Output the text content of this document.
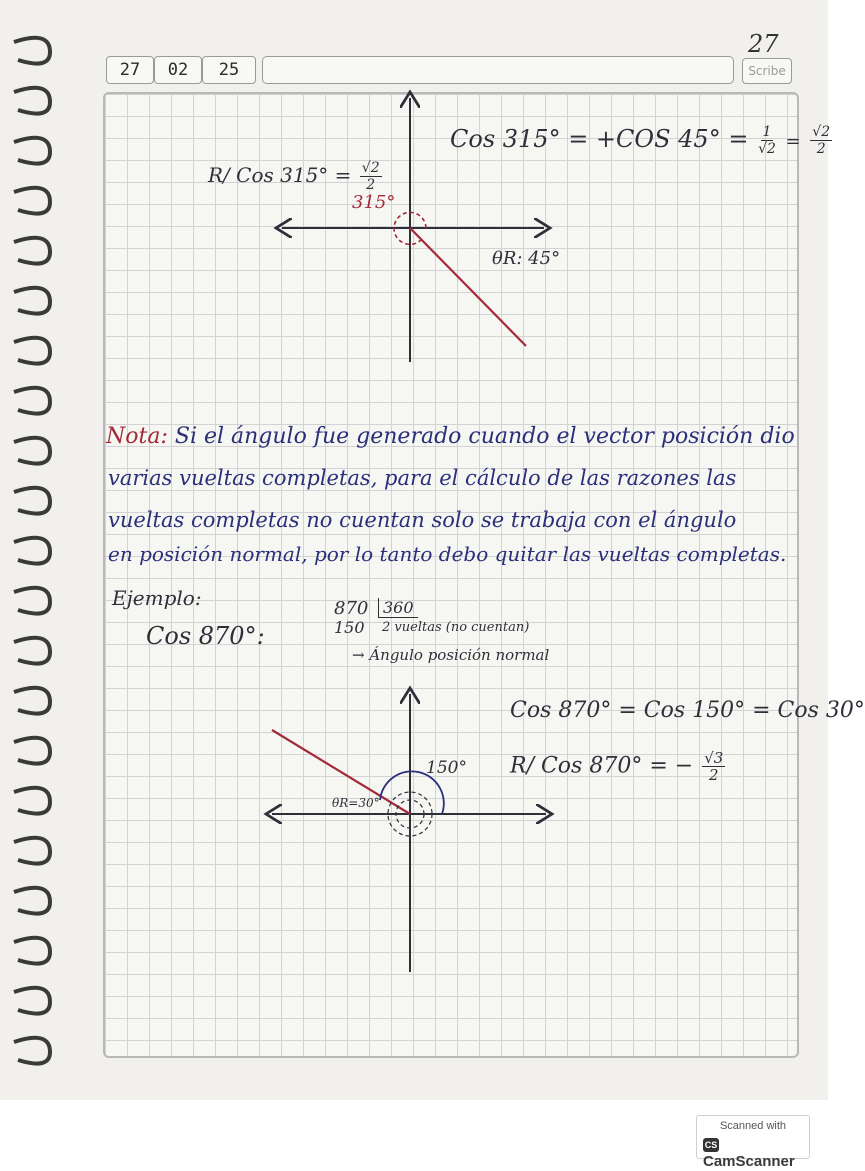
27	02	25
27
Scribe
Cos 315° = +COS $45^\circ = \frac{1}{√2} = \frac{√2}{2}$
R/ Cos $315^\circ = \frac{√2}{2}$
315°
θR: 45°
Nota: Si el ángulo fue generado cuando el vector posición dio
varias vueltas completas, para el cálculo de las razones las
vueltas completas no cuentan solo se trabaja con el ángulo
en posición normal, por lo tanto debo quitar las vueltas completas.
Ejemplo:
Cos 870°:
870 360
150 2 vueltas (no cuentan)
→ Ángulo posición normal
Cos 870° = Cos 150° = Cos 30°
R/ Cos 870° = − $\frac{√3}{2}$
150°
θR=30°
Scanned with
CSCamScanner
